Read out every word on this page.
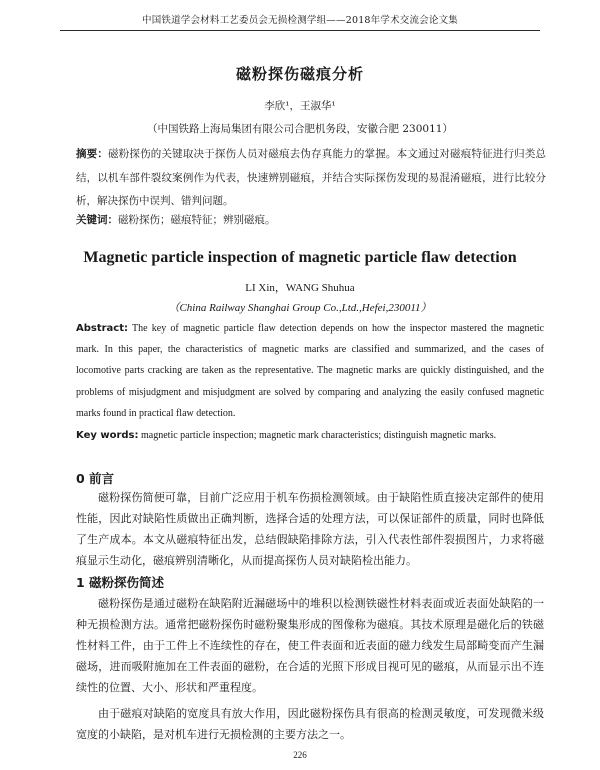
中国铁道学会材料工艺委员会无损检测学组——2018年学术交流会论文集
磁粉探伤磁痕分析
李欣¹，王淑华¹
（中国铁路上海局集团有限公司合肥机务段，安徽合肥 230011）
摘要：磁粉探伤的关键取决于探伤人员对磁痕去伪存真能力的掌握。本文通过对磁痕特征进行归类总结，以机车部件裂纹案例作为代表，快速辨别磁痕，并结合实际探伤发现的易混淆磁痕，进行比较分析，解决探伤中误判、错判问题。
关键词：磁粉探伤；磁痕特征；辨别磁痕。
Magnetic particle inspection of magnetic particle flaw detection
LI Xin，WANG Shuhua
（China Railway Shanghai Group Co.,Ltd.,Hefei,230011）
Abstract: The key of magnetic particle flaw detection depends on how the inspector mastered the magnetic mark. In this paper, the characteristics of magnetic marks are classified and summarized, and the cases of locomotive parts cracking are taken as the representative. The magnetic marks are quickly distinguished, and the problems of misjudgment and misjudgment are solved by comparing and analyzing the easily confused magnetic marks found in practical flaw detection.
Key words: magnetic particle inspection; magnetic mark characteristics; distinguish magnetic marks.
0 前言
磁粉探伤简便可靠，目前广泛应用于机车伤损检测领域。由于缺陷性质直接决定部件的使用性能，因此对缺陷性质做出正确判断，选择合适的处理方法，可以保证部件的质量，同时也降低了生产成本。本文从磁痕特征出发，总结假缺陷排除方法，引入代表性部件裂损图片，力求将磁痕显示生动化，磁痕辨别清晰化，从而提高探伤人员对缺陷检出能力。
1 磁粉探伤简述
磁粉探伤是通过磁粉在缺陷附近漏磁场中的堆积以检测铁磁性材料表面或近表面处缺陷的一种无损检测方法。通常把磁粉探伤时磁粉聚集形成的图像称为磁痕。其技术原理是磁化后的铁磁性材料工件，由于工件上不连续性的存在，使工件表面和近表面的磁力线发生局部畸变而产生漏磁场，进而吸附施加在工件表面的磁粉，在合适的光照下形成目视可见的磁痕，从而显示出不连续性的位置、大小、形状和严重程度。
由于磁痕对缺陷的宽度具有放大作用，因此磁粉探伤具有很高的检测灵敏度，可发现微米级宽度的小缺陷，是对机车进行无损检测的主要方法之一。
226
